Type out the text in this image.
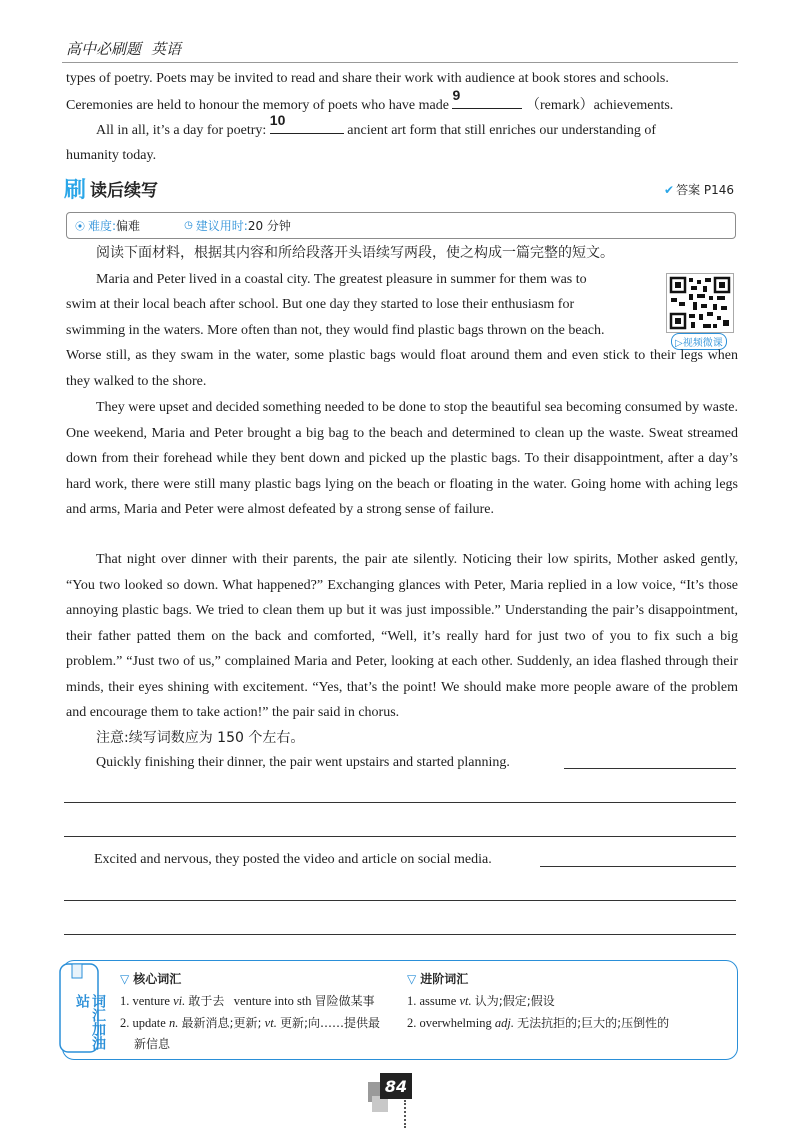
高中必刷题 英语
types of poetry. Poets may be invited to read and share their work with audience at book stores and schools.
Ceremonies are held to honour the memory of poets who have made
9
（remark）achievements.
All in all, it’s a day for poetry:
10
ancient art form that still enriches our understanding of
humanity today.
刷 读后续写	✔ 答案 P146
⦿ 难度: 偏难	◷ 建议用时: 20 分钟
阅读下面材料，根据其内容和所给段落开头语续写两段，使之构成一篇完整的短文。
▷视频微课
Maria and Peter lived in a coastal city. The greatest pleasure in summer for them was to
swim at their local beach after school. But one day they started to lose their enthusiasm for
swimming in the waters. More often than not, they would find plastic bags thrown on the beach.
Worse still, as they swam in the water, some plastic bags would float around them and even stick to their legs when they walked to the shore.
They were upset and decided something needed to be done to stop the beautiful sea becoming consumed by waste. One weekend, Maria and Peter brought a big bag to the beach and determined to clean up the waste. Sweat streamed down from their forehead while they bent down and picked up the plastic bags. To their disappointment, after a day’s hard work, there were still many plastic bags lying on the beach or floating in the water. Going home with aching legs and arms, Maria and Peter were almost defeated by a strong sense of failure.
That night over dinner with their parents, the pair ate silently. Noticing their low spirits, Mother asked gently, “You two looked so down. What happened?” Exchanging glances with Peter, Maria replied in a low voice, “It’s those annoying plastic bags. We tried to clean them up but it was just impossible.” Understanding the pair’s disappointment, their father patted them on the back and comforted, “Well, it’s really hard for just two of you to fix such a big problem.” “Just two of us,” complained Maria and Peter, looking at each other. Suddenly, an idea flashed through their minds, their eyes shining with excitement. “Yes, that’s the point! We should make more people aware of the problem and encourage them to take action!” the pair said in chorus.
注意:续写词数应为 150 个左右。
Quickly finishing their dinner, the pair went upstairs and started planning.
Excited and nervous, they posted the video and article on social media.
词汇加油站
▽ 核心词汇
1. venture vi. 敢于去 venture into sth 冒险做某事
2. update n. 最新消息;更新; vt. 更新;向……提供最
新信息
▽ 进阶词汇
1. assume vt. 认为;假定;假设
2. overwhelming adj. 无法抗拒的;巨大的;压倒性的
84
